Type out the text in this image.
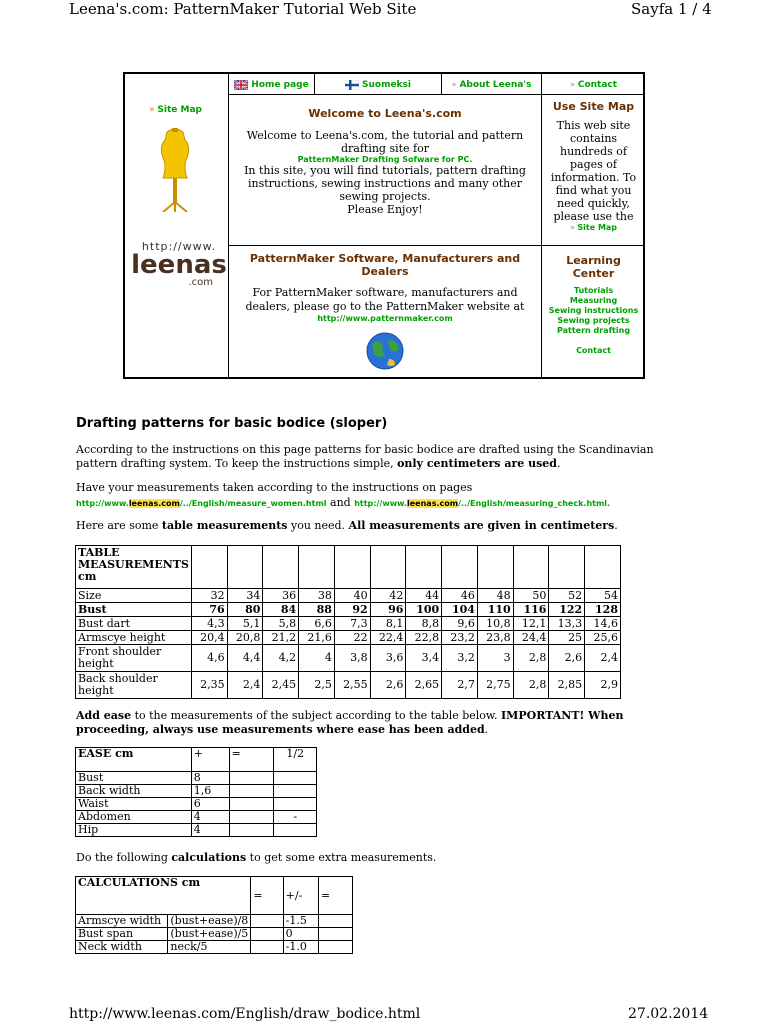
Leena's.com: PatternMaker Tutorial Web Site	Sayfa 1 / 4
Home page	Suomeksi	» About Leena's	» Contact
» Site Map
http://www.
leenas
.com
Welcome to Leena's.com
Welcome to Leena's.com, the tutorial and pattern drafting site for
PatternMaker Drafting Sofware for PC.
In this site, you will find tutorials, pattern drafting instructions, sewing instructions and many other sewing projects.
Please Enjoy!
PatternMaker Software, Manufacturers and Dealers
For PatternMaker software, manufacturers and dealers, please go to the PatternMaker website at
http://www.patternmaker.com
Use Site Map
This web site contains hundreds of pages of information. To find what you need quickly, please use the
» Site Map
Learning Center
Tutorials
Measuring
Sewing instructions
Sewing projects
Pattern drafting
Contact
Drafting patterns for basic bodice (sloper)
According to the instructions on this page patterns for basic bodice are drafted using the Scandinavian pattern drafting system. To keep the instructions simple, only centimeters are used.
Have your measurements taken according to the instructions on pages
http://www.leenas.com/../English/measure_women.html and http://www.leenas.com/../English/measuring_check.html.
Here are some table measurements you need. All measurements are given in centimeters.
TABLE MEASUREMENTS cm												
Size	32	34	36	38	40	42	44	46	48	50	52	54
Bust	76	80	84	88	92	96	100	104	110	116	122	128
Bust dart	4,3	5,1	5,8	6,6	7,3	8,1	8,8	9,6	10,8	12,1	13,3	14,6
Armscye height	20,4	20,8	21,2	21,6	22	22,4	22,8	23,2	23,8	24,4	25	25,6
Front shoulder height	4,6	4,4	4,2	4	3,8	3,6	3,4	3,2	3	2,8	2,6	2,4
Back shoulder height	2,35	2,4	2,45	2,5	2,55	2,6	2,65	2,7	2,75	2,8	2,85	2,9
Add ease to the measurements of the subject according to the table below. IMPORTANT! When proceeding, always use measurements where ease has been added.
EASE cm	+	=	1/2
Bust	8		
Back width	1,6		
Waist	6		
Abdomen	4		-
Hip	4		
Do the following calculations to get some extra measurements.
CALCULATIONS cm		=	+/-	=
Armscye width	(bust+ease)/8		-1.5	
Bust span	(bust+ease)/5		0	
Neck width	neck/5		-1.0	
http://www.leenas.com/English/draw_bodice.html	27.02.2014
